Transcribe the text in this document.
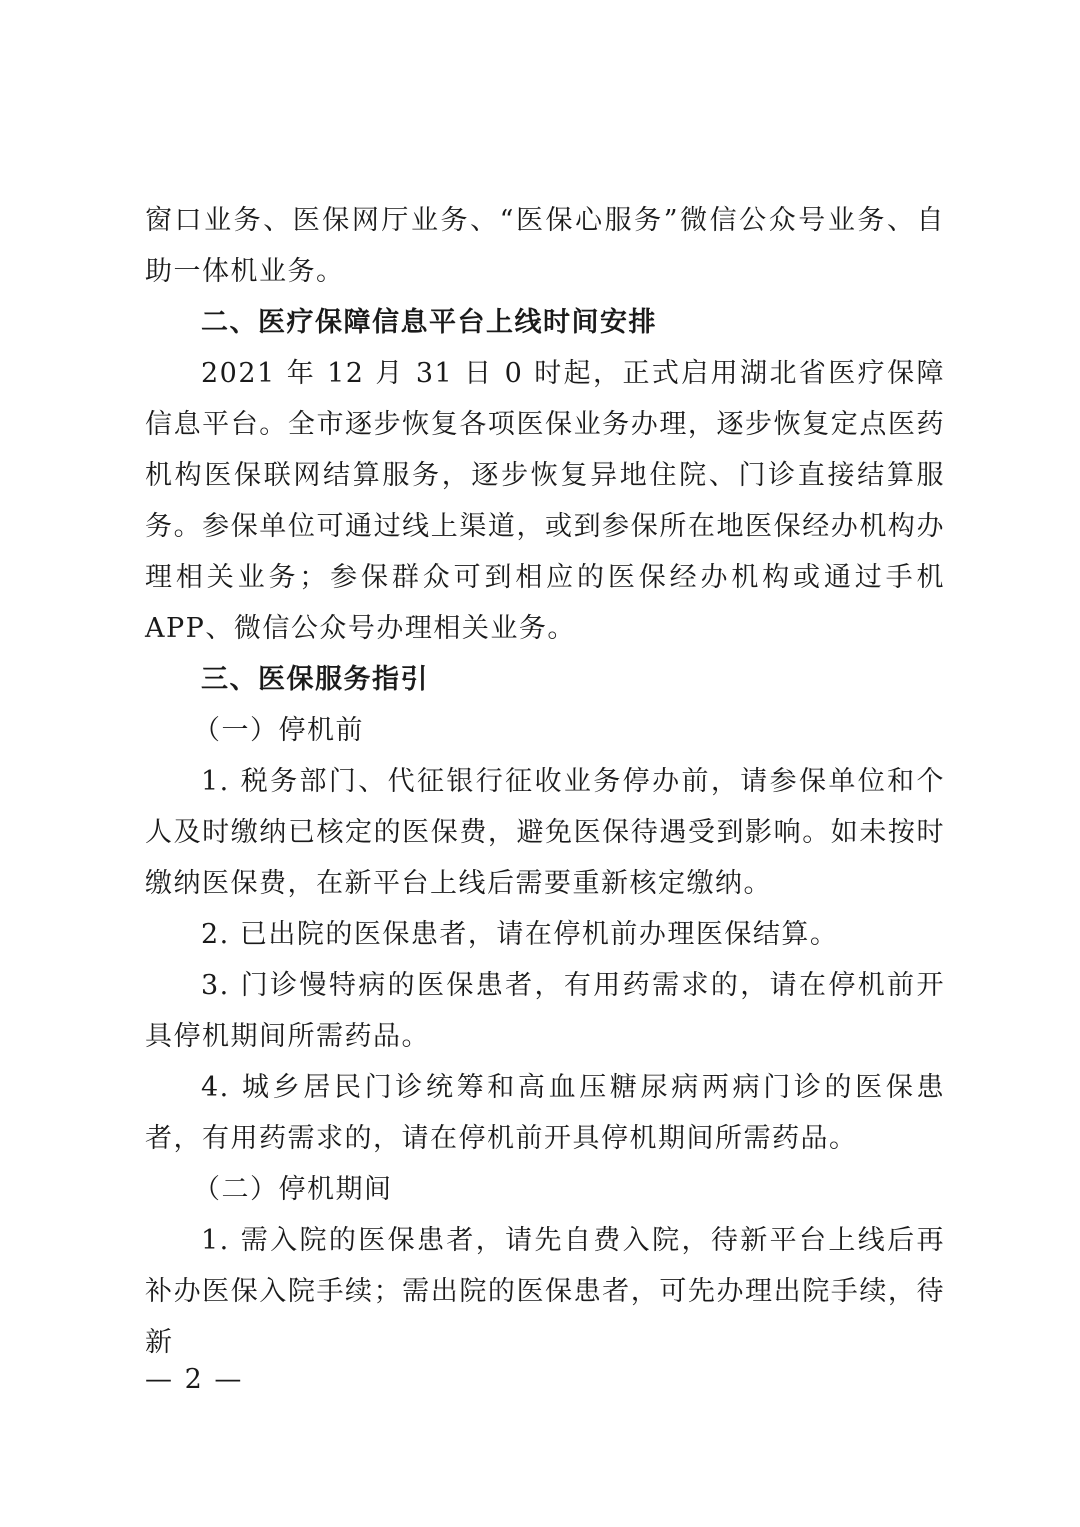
窗口业务、医保网厅业务、“医保心服务”微信公众号业务、自助一体机业务。

二、医疗保障信息平台上线时间安排

2021 年 12 月 31 日 0 时起，正式启用湖北省医疗保障信息平台。全市逐步恢复各项医保业务办理，逐步恢复定点医药机构医保联网结算服务，逐步恢复异地住院、门诊直接结算服务。参保单位可通过线上渠道，或到参保所在地医保经办机构办理相关业务；参保群众可到相应的医保经办机构或通过手机 APP、微信公众号办理相关业务。

三、医保服务指引

（一）停机前

1. 税务部门、代征银行征收业务停办前，请参保单位和个人及时缴纳已核定的医保费，避免医保待遇受到影响。如未按时缴纳医保费，在新平台上线后需要重新核定缴纳。

2. 已出院的医保患者，请在停机前办理医保结算。

3. 门诊慢特病的医保患者，有用药需求的，请在停机前开具停机期间所需药品。

4. 城乡居民门诊统筹和高血压糖尿病两病门诊的医保患者，有用药需求的，请在停机前开具停机期间所需药品。

（二）停机期间

1. 需入院的医保患者，请先自费入院，待新平台上线后再补办医保入院手续；需出院的医保患者，可先办理出院手续，待新

— 2 —
